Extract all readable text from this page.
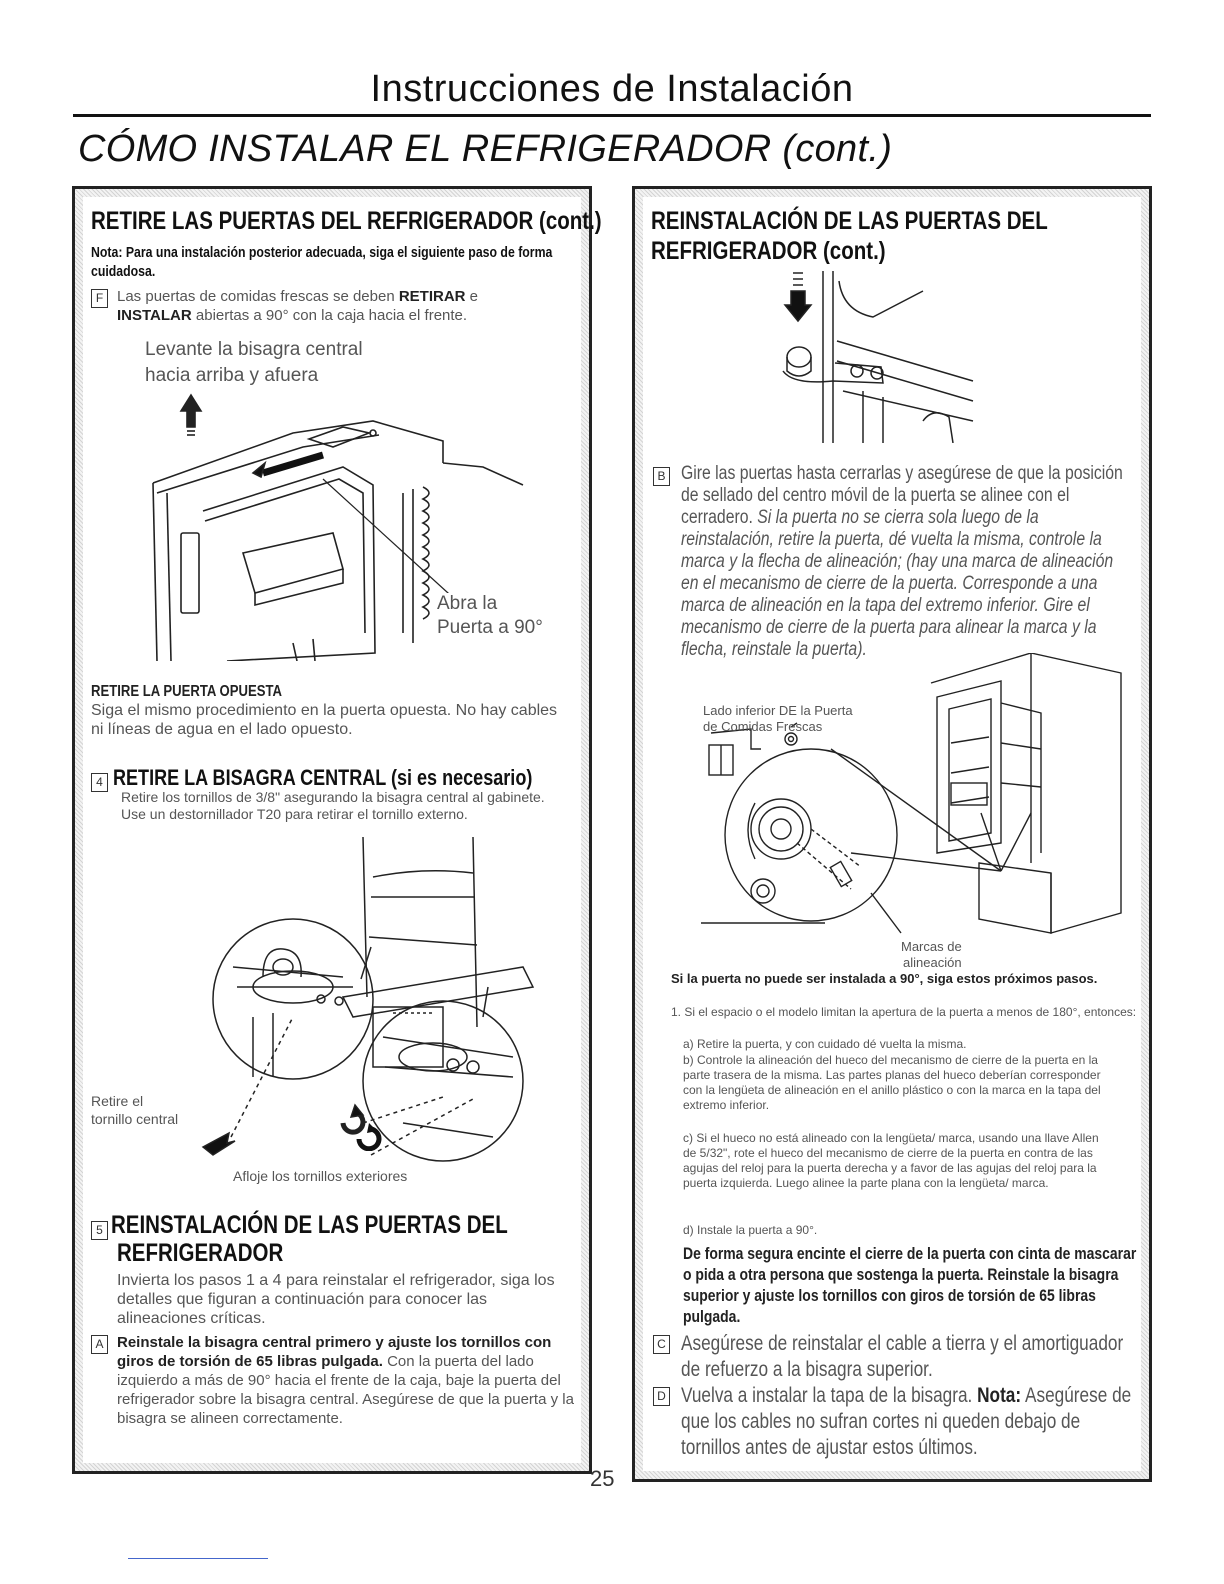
Instrucciones de Instalación
CÓMO INSTALAR EL REFRIGERADOR (cont.)
RETIRE LAS PUERTAS DEL REFRIGERADOR (cont.)
Nota: Para una instalación posterior adecuada, siga el siguiente paso de forma cuidadosa.
F Las puertas de comidas frescas se deben RETIRAR e
INSTALAR abiertas a 90° con la caja hacia el frente.
Levante la bisagra central
hacia arriba y afuera
Abra la
Puerta a 90°
RETIRE LA PUERTA OPUESTA
Siga el mismo procedimiento en la puerta opuesta. No hay cables ni líneas de agua en el lado opuesto.
4 RETIRE LA BISAGRA CENTRAL (si es necesario)
Retire los tornillos de 3/8" asegurando la bisagra central al gabinete. Use un destornillador T20 para retirar el tornillo externo.
Retire el
tornillo central
Afloje los tornillos exteriores
5 REINSTALACIÓN DE LAS PUERTAS DEL
REFRIGERADOR
Invierta los pasos 1 a 4 para reinstalar el refrigerador, siga los detalles que figuran a continuación para conocer las alineaciones críticas.
A Reinstale la bisagra central primero y ajuste los tornillos con giros de torsión de 65 libras pulgada. Con la puerta del lado izquierdo a más de 90° hacia el frente de la caja, baje la puerta del refrigerador sobre la bisagra central. Asegúrese de que la puerta y la bisagra se alineen correctamente.
REINSTALACIÓN DE LAS PUERTAS DEL
REFRIGERADOR (cont.)
B Gire las puertas hasta cerrarlas y asegúrese de que la posición de sellado del centro móvil de la puerta se alinee con el cerradero. Si la puerta no se cierra sola luego de la reinstalación, retire la puerta, dé vuelta la misma, controle la marca y la flecha de alineación; (hay una marca de alineación en el mecanismo de cierre de la puerta. Corresponde a una marca de alineación en la tapa del extremo inferior. Gire el mecanismo de cierre de la puerta para alinear la marca y la flecha, reinstale la puerta).
Lado inferior DE la Puerta
de Comidas Frescas
Marcas de
alineación
Si la puerta no puede ser instalada a 90°, siga estos próximos pasos.
1. Si el espacio o el modelo limitan la apertura de la puerta a menos de 180°, entonces:
a) Retire la puerta, y con cuidado dé vuelta la misma.
b) Controle la alineación del hueco del mecanismo de cierre de la puerta en la parte trasera de la misma. Las partes planas del hueco deberían corresponder con la lengüeta de alineación en el anillo plástico o con la marca en la tapa del extremo inferior.
c) Si el hueco no está alineado con la lengüeta/ marca, usando una llave Allen de 5/32", rote el hueco del mecanismo de cierre de la puerta en contra de las agujas del reloj para la puerta derecha y a favor de las agujas del reloj para la puerta izquierda. Luego alinee la parte plana con la lengüeta/ marca.
d) Instale la puerta a 90°.
De forma segura encinte el cierre de la puerta con cinta de mascarar o pida a otra persona que sostenga la puerta. Reinstale la bisagra superior y ajuste los tornillos con giros de torsión de 65 libras pulgada.
C Asegúrese de reinstalar el cable a tierra y el amortiguador de refuerzo a la bisagra superior.
D Vuelva a instalar la tapa de la bisagra. Nota: Asegúrese de que los cables no sufran cortes ni queden debajo de tornillos antes de ajustar estos últimos.
25
